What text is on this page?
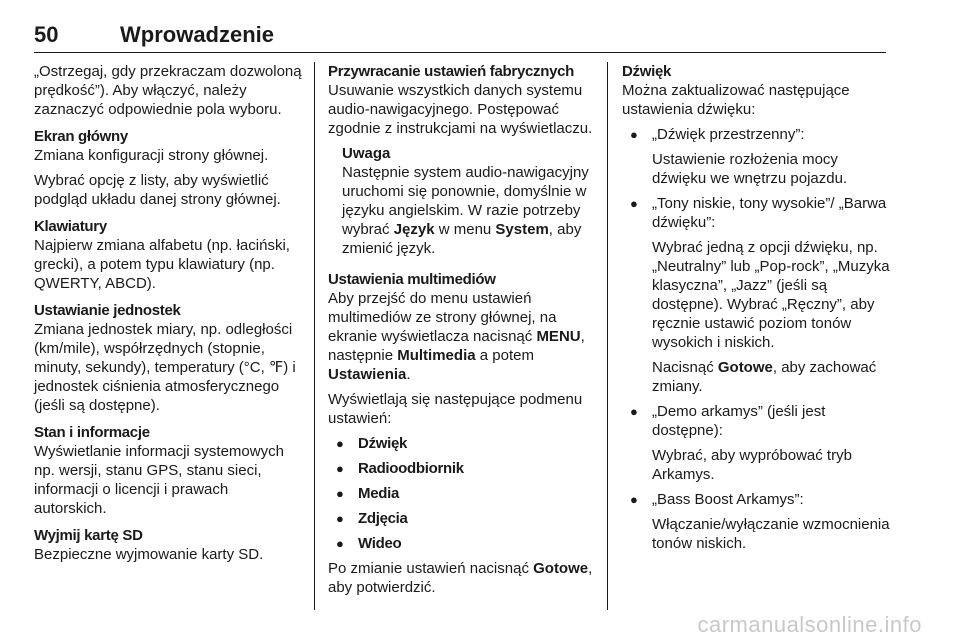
50	Wprowadzenie

„Ostrzegaj, gdy przekraczam dozwoloną prędkość”). Aby włączyć, należy zaznaczyć odpowiednie pola wyboru.

Ekran główny

Zmiana konfiguracji strony głównej.

Wybrać opcję z listy, aby wyświetlić podgląd układu danej strony głównej.

Klawiatury

Najpierw zmiana alfabetu (np. łaciński, grecki), a potem typu klawiatury (np. QWERTY, ABCD).

Ustawianie jednostek

Zmiana jednostek miary, np. odległości (km/mile), współrzędnych (stopnie, minuty, sekundy), temperatury (°C, ℉) i jednostek ciśnienia atmosferycznego (jeśli są dostępne).

Stan i informacje

Wyświetlanie informacji systemowych np. wersji, stanu GPS, stanu sieci, informacji o licencji i prawach autorskich.

Wyjmij kartę SD

Bezpieczne wyjmowanie karty SD.

Przywracanie ustawień fabrycznych

Usuwanie wszystkich danych systemu audio-nawigacyjnego. Postępować zgodnie z instrukcjami na wyświetlaczu.

Uwaga

Następnie system audio-nawigacyjny uruchomi się ponownie, domyślnie w języku angielskim. W razie potrzeby wybrać Język w menu System, aby zmienić język.

Ustawienia multimediów

Aby przejść do menu ustawień multimediów ze strony głównej, na ekranie wyświetlacza nacisnąć MENU, następnie Multimedia a potem Ustawienia.

Wyświetlają się następujące podmenu ustawień:

● Dźwięk
● Radioodbiornik
● Media
● Zdjęcia
● Wideo

Po zmianie ustawień nacisnąć Gotowe, aby potwierdzić.

Dźwięk

Można zaktualizować następujące ustawienia dźwięku:

● „Dźwięk przestrzenny”:

Ustawienie rozłożenia mocy dźwięku we wnętrzu pojazdu.

● „Tony niskie, tony wysokie”/ „Barwa dźwięku”:

Wybrać jedną z opcji dźwięku, np. „Neutralny” lub „Pop-rock”, „Muzyka klasyczna”, „Jazz” (jeśli są dostępne). Wybrać „Ręczny”, aby ręcznie ustawić poziom tonów wysokich i niskich.

Nacisnąć Gotowe, aby zachować zmiany.

● „Demo arkamys” (jeśli jest dostępne):

Wybrać, aby wypróbować tryb Arkamys.

● „Bass Boost Arkamys”:

Włączanie/wyłączanie wzmocnienia tonów niskich.

carmanualsonline.info
